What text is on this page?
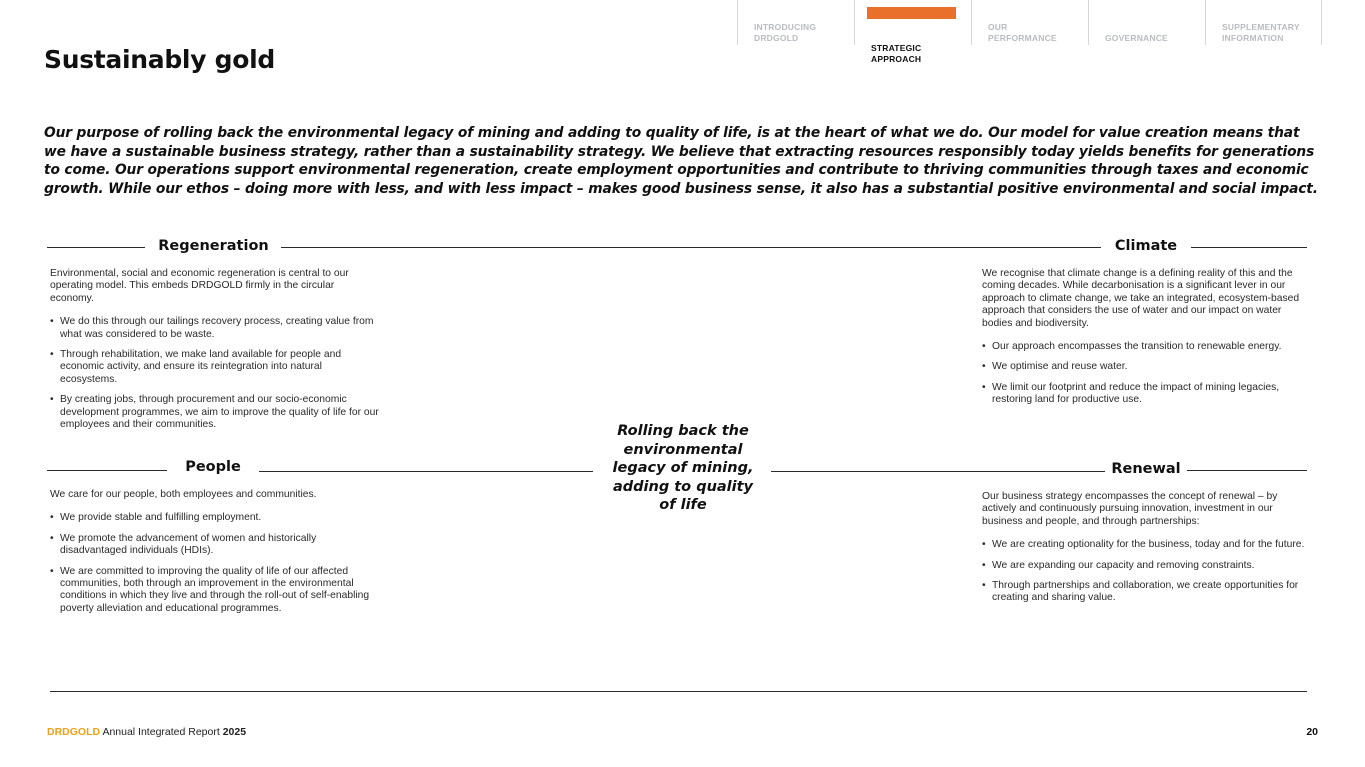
INTRODUCING
DRDGOLD

STRATEGIC
APPROACH

OUR
PERFORMANCE	
GOVERNANCE
SUPPLEMENTARY
INFORMATION
Sustainably gold

Our purpose of rolling back the environmental legacy of mining and adding to quality of life, is at the heart of what we do. Our model for value creation means that we have a sustainable business strategy, rather than a sustainability strategy. We believe that extracting resources responsibly today yields benefits for generations to come. Our operations support environmental regeneration, create employment opportunities and contribute to thriving communities through taxes and economic growth. While our ethos – doing more with less, and with less impact – makes good business sense, it also has a substantial positive environmental and social impact.

Regeneration	Climate

Environmental, social and economic regeneration is central to our operating model. This embeds DRDGOLD firmly in the circular economy.

• We do this through our tailings recovery process, creating value from what was considered to be waste.
• Through rehabilitation, we make land available for people and economic activity, and ensure its reintegration into natural ecosystems.
• By creating jobs, through procurement and our socio-economic development programmes, we aim to improve the quality of life for our employees and their communities.

We recognise that climate change is a defining reality of this and the coming decades. While decarbonisation is a significant lever in our approach to climate change, we take an integrated, ecosystem-based approach that considers the use of water and our impact on water bodies and biodiversity.

• Our approach encompasses the transition to renewable energy.
• We optimise and reuse water.
• We limit our footprint and reduce the impact of mining legacies, restoring land for productive use.
People	Renewal
Rolling back the environmental legacy of mining, adding to quality of life

We care for our people, both employees and communities.

• We provide stable and fulfilling employment.
• We promote the advancement of women and historically disadvantaged individuals (HDIs).
• We are committed to improving the quality of life of our affected communities, both through an improvement in the environmental conditions in which they live and through the roll-out of self-enabling poverty alleviation and educational programmes.

Our business strategy encompasses the concept of renewal – by actively and continuously pursuing innovation, investment in our business and people, and through partnerships:

• We are creating optionality for the business, today and for the future.
• We are expanding our capacity and removing constraints.
• Through partnerships and collaboration, we create opportunities for creating and sharing value.
DRDGOLD Annual Integrated Report 2025	20
